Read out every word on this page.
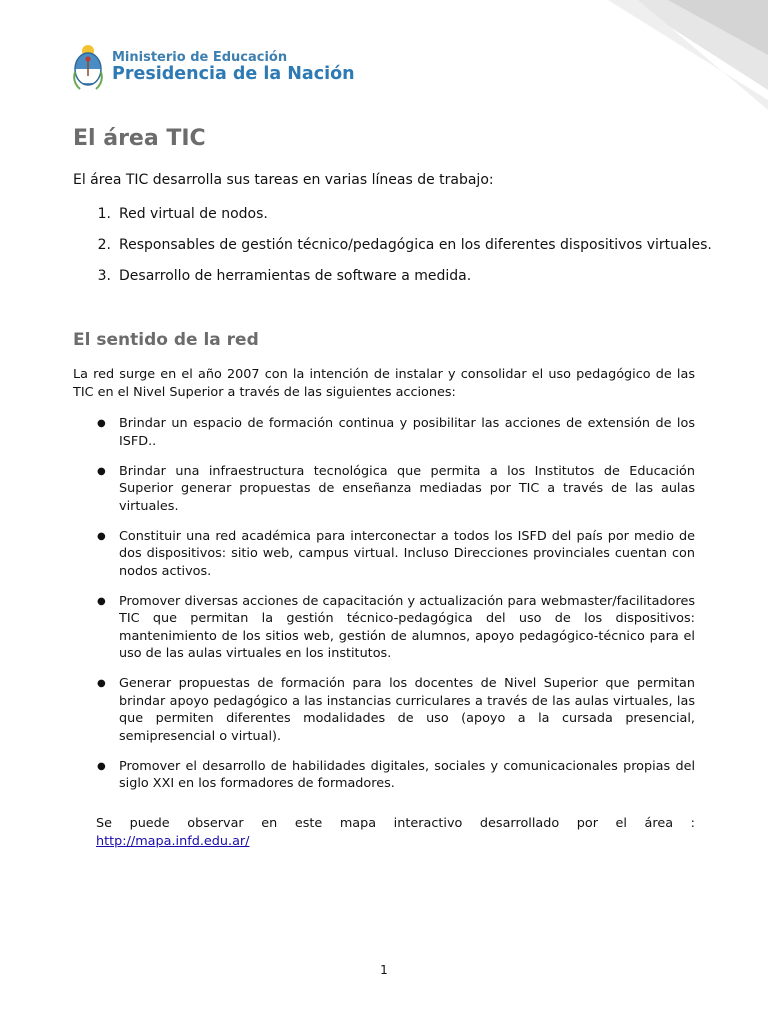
Ministerio de Educación
Presidencia de la Nación
El área TIC

El área TIC desarrolla sus tareas en varias líneas de trabajo:

1. Red virtual de nodos.
2. Responsables de gestión técnico/pedagógica en los diferentes dispositivos virtuales.
3. Desarrollo de herramientas de software a medida.
El sentido de la red

La red surge en el año 2007 con la intención de instalar y consolidar el uso pedagógico de las TIC en el Nivel Superior a través de las siguientes acciones:

●	Brindar un espacio de formación continua y posibilitar las acciones de extensión de los ISFD..
●	Brindar una infraestructura tecnológica que permita a los Institutos de Educación Superior generar propuestas de enseñanza mediadas por TIC a través de las aulas virtuales.
●	Constituir una red académica para interconectar a todos los ISFD del país por medio de dos dispositivos: sitio web, campus virtual. Incluso Direcciones provinciales cuentan con nodos activos.
●	Promover diversas acciones de capacitación y actualización para webmaster/facilitadores TIC que permitan la gestión técnico-pedagógica del uso de los dispositivos: mantenimiento de los sitios web, gestión de alumnos, apoyo pedagógico-técnico para el uso de las aulas virtuales en los institutos.
●	Generar propuestas de formación para los docentes de Nivel Superior que permitan brindar apoyo pedagógico a las instancias curriculares a través de las aulas virtuales, las que permiten diferentes modalidades de uso (apoyo a la cursada presencial, semipresencial o virtual).
●	Promover el desarrollo de habilidades digitales, sociales y comunicacionales propias del siglo XXI en los formadores de formadores.

Se puede observar en este mapa interactivo desarrollado por el área :

http://mapa.infd.edu.ar/
1
